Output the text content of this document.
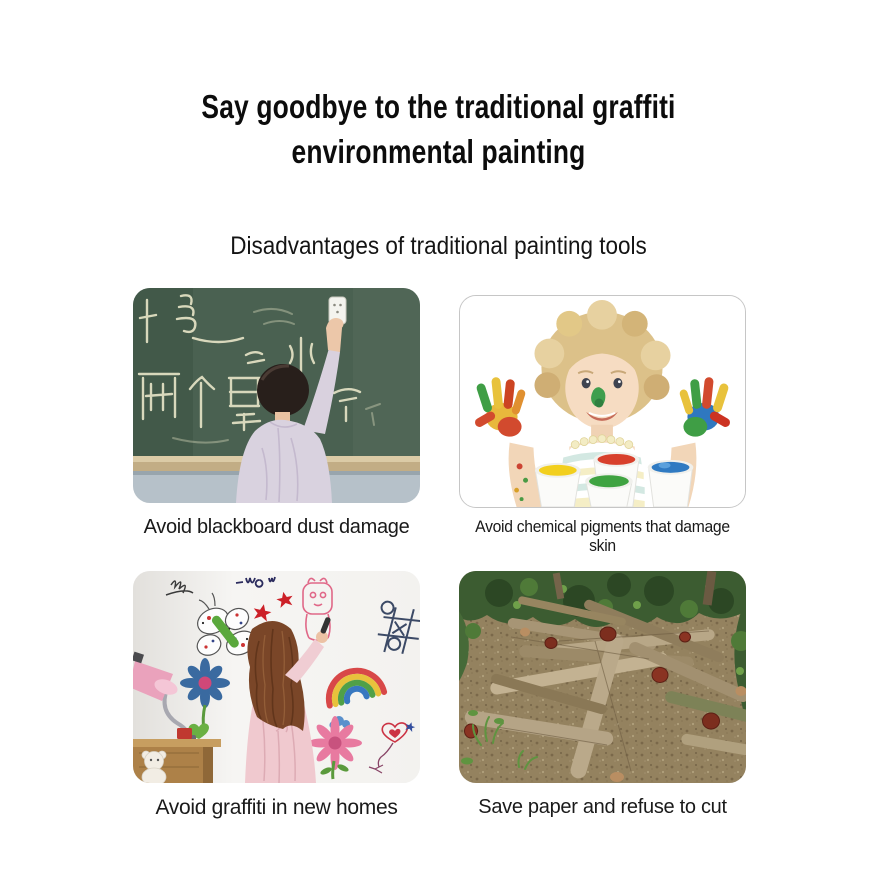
Say goodbye to the traditional graffiti
environmental painting
Disadvantages of traditional painting tools
Avoid blackboard dust damage	Avoid chemical pigments that damage skin
Avoid graffiti in new homes	Save paper and refuse to cut
